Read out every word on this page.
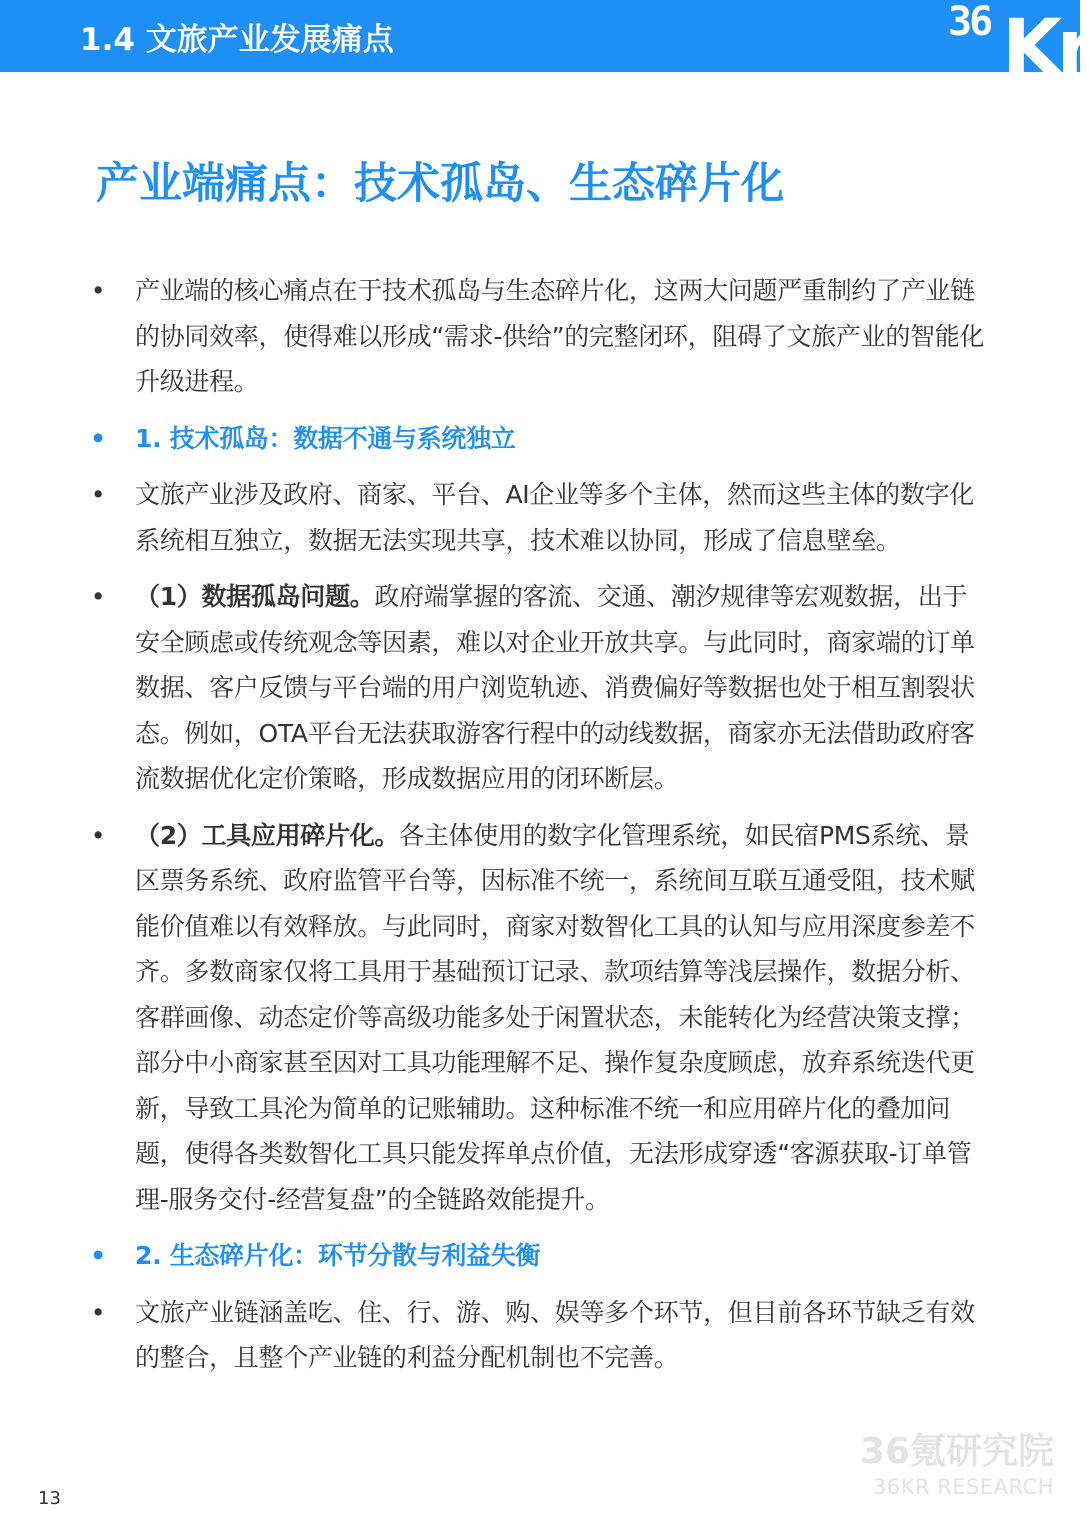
1.4 文旅产业发展痛点	36 Kr
产业端痛点：技术孤岛、生态碎片化
• 产业端的核心痛点在于技术孤岛与生态碎片化，这两大问题严重制约了产业链的协同效率，使得难以形成“需求-供给”的完整闭环，阻碍了文旅产业的智能化升级进程。
• 1. 技术孤岛：数据不通与系统独立
• 文旅产业涉及政府、商家、平台、AI企业等多个主体，然而这些主体的数字化系统相互独立，数据无法实现共享，技术难以协同，形成了信息壁垒。
• （1）数据孤岛问题。政府端掌握的客流、交通、潮汐规律等宏观数据，出于安全顾虑或传统观念等因素，难以对企业开放共享。与此同时，商家端的订单数据、客户反馈与平台端的用户浏览轨迹、消费偏好等数据也处于相互割裂状态。例如，OTA平台无法获取游客行程中的动线数据，商家亦无法借助政府客流数据优化定价策略，形成数据应用的闭环断层。
• （2）工具应用碎片化。各主体使用的数字化管理系统，如民宿PMS系统、景区票务系统、政府监管平台等，因标准不统一，系统间互联互通受阻，技术赋能价值难以有效释放。与此同时，商家对数智化工具的认知与应用深度参差不齐。多数商家仅将工具用于基础预订记录、款项结算等浅层操作，数据分析、客群画像、动态定价等高级功能多处于闲置状态，未能转化为经营决策支撑；部分中小商家甚至因对工具功能理解不足、操作复杂度顾虑，放弃系统迭代更新，导致工具沦为简单的记账辅助。这种标准不统一和应用碎片化的叠加问题，使得各类数智化工具只能发挥单点价值，无法形成穿透“客源获取-订单管理-服务交付-经营复盘”的全链路效能提升。
• 2. 生态碎片化：环节分散与利益失衡
• 文旅产业链涵盖吃、住、行、游、购、娱等多个环节，但目前各环节缺乏有效的整合，且整个产业链的利益分配机制也不完善。
13
36氪研究院
36KR RESEARCH
